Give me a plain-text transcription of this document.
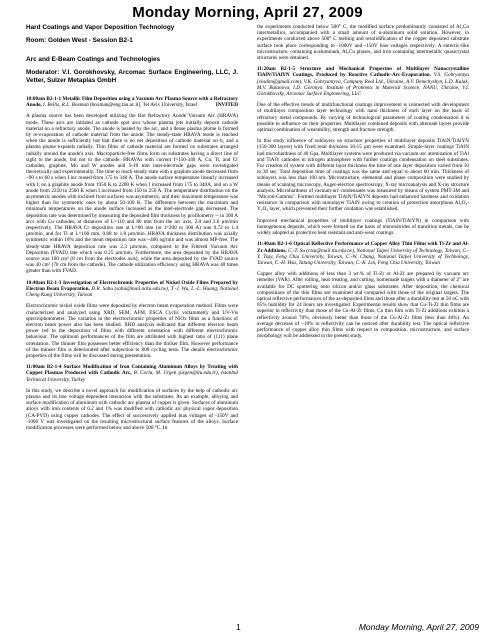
Monday Morning, April 27, 2009

Hard Coatings and Vapor Deposition Technology

Room: Golden West - Session B2-1

Arc and E-Beam Coatings and Technologies

Moderator: V.I. Gorokhovsky, Arcomac Surface Engineering, LLC, J. Vetter, Sulzer Metaplas GmbH

10:00am B2-1-1 Metallic Film Deposition using a Vacuum Arc Plasma Source with a Refractory Anode, I. Beilis, R.L. Boxman (boxman@eng.tau.ac.il), Tel Aviv University, Israel	INVITED

A plasma source has been developed utilizing the Hot Refractory Anode Vacuum Arc (HRAVA) mode. These arcs are initiated as cathode spot arcs whose plasma jets initially deposit cathode material on a refractory anode. The anode is heated by the arc, and a dense plasma plume is formed by re-evaporation of cathode material from the anode. The steady-state HRAVA mode is reached when the anode is sufficiently hot that there is no net deposition of cathode material on it, and a plasma plume expands radially. Thin films of cathode material are formed on substrates arranged radially around the anode's axis. Macroparticle-free films form on substrates having a direct line of sight to the anode, but not to the cathode. HRAVAs with current I=150-340 A, Cu, Ti, and Cr cathodes, graphite, Mo and W anodes and 5-10 mm inter-electrode gaps were investigated theoretically and experimentally. The time to reach steady state with a graphite anode decreased from ~90 s to 60 s when I inc reased from 175 to 340 A. The anode surface temperature linearly increased with I; on a graphite anode from 1950 K to 2200 K when I increased from 175 to 340A, and on a W anode from 2250 to 2500 K when I increased from 150 to 250 A. The temperature distribution on the asymmetric anodes with inclined front surfaces was asymmetric, and their maximum temperature was higher than for symmetric ones by about 50-100 K. The difference between the maximum and minimum temperatures on the anode surface increased as the inter-electrode gap decreased. The deposition rate was determined by measuring the deposited film thickness by profilometry -- in 300 A arcs with Cu cathodes, at distances of L=110 and 80 mm from the arc axis, 2.0 and 3.6 µm/min respectively. The HRAVA Cr deposition rate at L=80 mm (or I=200 to 300 A) was 0.72 to 1.4 µm/min, and for Ti at L=100 mm, 0.88 to 1.8 µm/min. HRAVA thickness distribution was axially symmetric within 10% and the mean deposition rate was ~400 ng/min and was almost MP-free. The steady-state HRAVA deposition rate was 2.3 µm/min, compared to the Filtered Vacuum Arc Deposition (FVAD) rate which was 0.25 µm/min. Furthermore, the area deposited by the HRAVA source was 100 cm² (8 cm from the electrodes axis), while the area deposited by the FVAD source was 30 cm² (70 cm from the cathode). The cathode utilization efficiency using HRAVA was 40 times greater than with FVAD.

10:40am B2-1-3 Investigation of Electrochromic Properties of Nickel Oxide Films Prepared by Electron Beam Evaporation, D.R. Sahu (sahu@mail.ncku.edu.tw), T.-J. Wu, L.-L. Huang, National Cheng Kung University, Taiwan

Electrochromic nickel oxide films were deposited by electron beam evaporation method. Films were characterized and analyzed using XRD, SEM, AFM, ESCA Cyclic voltammetry and UV-Vis spectrophotometer. The variation in the electrochromic properties of NiOx films as a functions of electron beam power also has been studied. XRD analysis indicated that different electron beam power led to the deposition of films with different orientation with different electrochromic behaviour. The optimum performances of the film are attributed with highest ratio of (111) plane orientation. The thinner film possesses better efficiency than the thicker film. However performance of the thinner film is deteriorated after subjection to 800 cycling tests. The details electrochromic properties of the films will be discussed during presentation.

11:00am B2-1-4 Surface Modification of Iron Containing Aluminum Alloys by Treating with Copper Plasmas Produced with Cathodic Arc, B. Corlu, M. Urgen (urgen@itu.edu.tr), Istanbul Technical University, Turkey

In this study, we describe a novel approach for modification of surfaces by the help of cathodic arc plasma and its line voltage dependent interaction with the substrates. As an example, alloying and surface modification of aluminum with cathodic arc plasma of copper is given. Surfaces of aluminum alloys with iron contents of 0.2 and 1% was modified with cathodic arc physical vapor deposition (CA-PVD) using copper cathodes. The effect of successively applied bias voltages of -150V and -1000 V was investigated on the resulting microstructural surface features of the alloys. Surface modification processes were performed below and above 500 °C. In

the experiments conducted below 500° C, the modified surface predominantly consisted of Al₂Cu intermetallics, accompanied with a small amount of α-aluminum solid solution. However, in experiments conducted above 500° C melting and resolidification of the copper deposited substrate surface took place corresponding to -1000V and -150V bias voltages respectively. A eutectic-like microstructure, containing α-aluminum, Al₂Cu phases, and iron containing intermetallic quasicrystal structures were obtained.

11:20am B2-1-5 Structure and Mechanical Properties of Multilayer Nanocrystalline TiAlN/TiAlYN Coatings, Produced by Reactive Cathodic-Arc-Evaporation. V.S. Gobryantya (vladim@gmail.com), V.K. Gobryantyva, Company Real Ltd., Ukraine, A.V. Demchyshyn, L.D. Kulak, M.V. Balanova, I.D. Goronya, Institute of Problems in Material Science, NANU, Ukraine, V.I. Gorokhovsky, Arcomac Surface Engineering, LLC

One of the effective trends of multifunctional coatings improvement is connected with development of multilayer composition layer technology with nano thickness of each layer on the basis of refractory metal compounds. By varying of technological parameters of coating condensation it is possible to influence on their properties. Multilayer combined deposits with alternate layers provide optimal combination of wearability, strength and fracture strength.

In this study influence of sublayers on structure properties of multilayer deposits TiAlN/TiAlYN (150-300 layers) with fixed total thickness 10-15 µm were examined. Simple-layer coatings TiAlN had microhardness of 40 Gpa. Multilayer systems were produced via vacuum-arc atomization of TiAl and TiAlY cathodes in nitrogen atmosphere with further coatings condensation on steel substrates. For creation of system with different layer thickness the time of one layer deposition varied from 10 to 30 sec. Total deposition time of coatings was the same and equal to about 60 min. Thickness of sublayers was less than 100 nm. Microstructure, elemental and phase composition were studied by means of scanning microscopy, Auger-electron spectroscopy, X-ray microanalysis and X-ray structure analysis. Microhardness of vacuum-arc condensates was measured by means of system PMT-3M and "Micron-Gamma". Formed multilayer TiAlN/TiAlYN deposits had enhanced hardness and oxidation resistance in comparison with monolayer TiAlN owing to creation of protection amorphous Al₂O₃-Y₂O₃ layer, which prevented their further oxidation was established.

Improved mechanical properties of multilayer coatings (TiAlN/TiAlYN) in comparison with homogeneous deposits, which were formed on the basis of mononitrides of transition metals, can be widely adopted as protective heat resistant and anti-wear coatings.

11:40am B2-1-6 Optical Reflective Performance of Copper Alloy Thin Films with Ti-Zr and Al-Zr Additions, C.-T. Su (ctsu@mail.ttu.edu.tw), National Taipei University of Technology, Taiwan, C.-Y. Tsay, Feng Chia University, Taiwan, C.-W. Chang, National Taipei University of Technology, Taiwan, C.-H. Hsu, Tatung University, Taiwan, C.-K. Lin, Feng Chia University, Taiwan

Copper alloy with additions of less than 3 wt.% of Ti-Zr or Al-Zr are prepared by vacuum arc remelter (VAR). After rolling, heat treating, and cutting, homemade targets with a diameter of 2" are available for DC sputtering onto silicon and/or glass substrates. After deposition, the chemical compositions of the thin films are examined and compared with those of the original targets. The optical reflective performances of the as-deposited films and those after a durability test at 50 oC with 85% humidity for 24 hours are investigated. Experimental results show that Cu-Ti-Zr thin films are superior in reflectivity than those of the Cu-Al-Zr films. Cu thin film with Ti-Zr additions exhibits a reflectivity around 70%, obviously better than those of the Cu-Al-Zr films (less than 40%). An average decrease of ~10% in reflectivity can be noticed after durability test. The optical reflective performance of copper alloy thin films with respect to composition, microstructure, and surface morphology will be addressed in the present study.

1	Monday Morning, April 27, 2009
